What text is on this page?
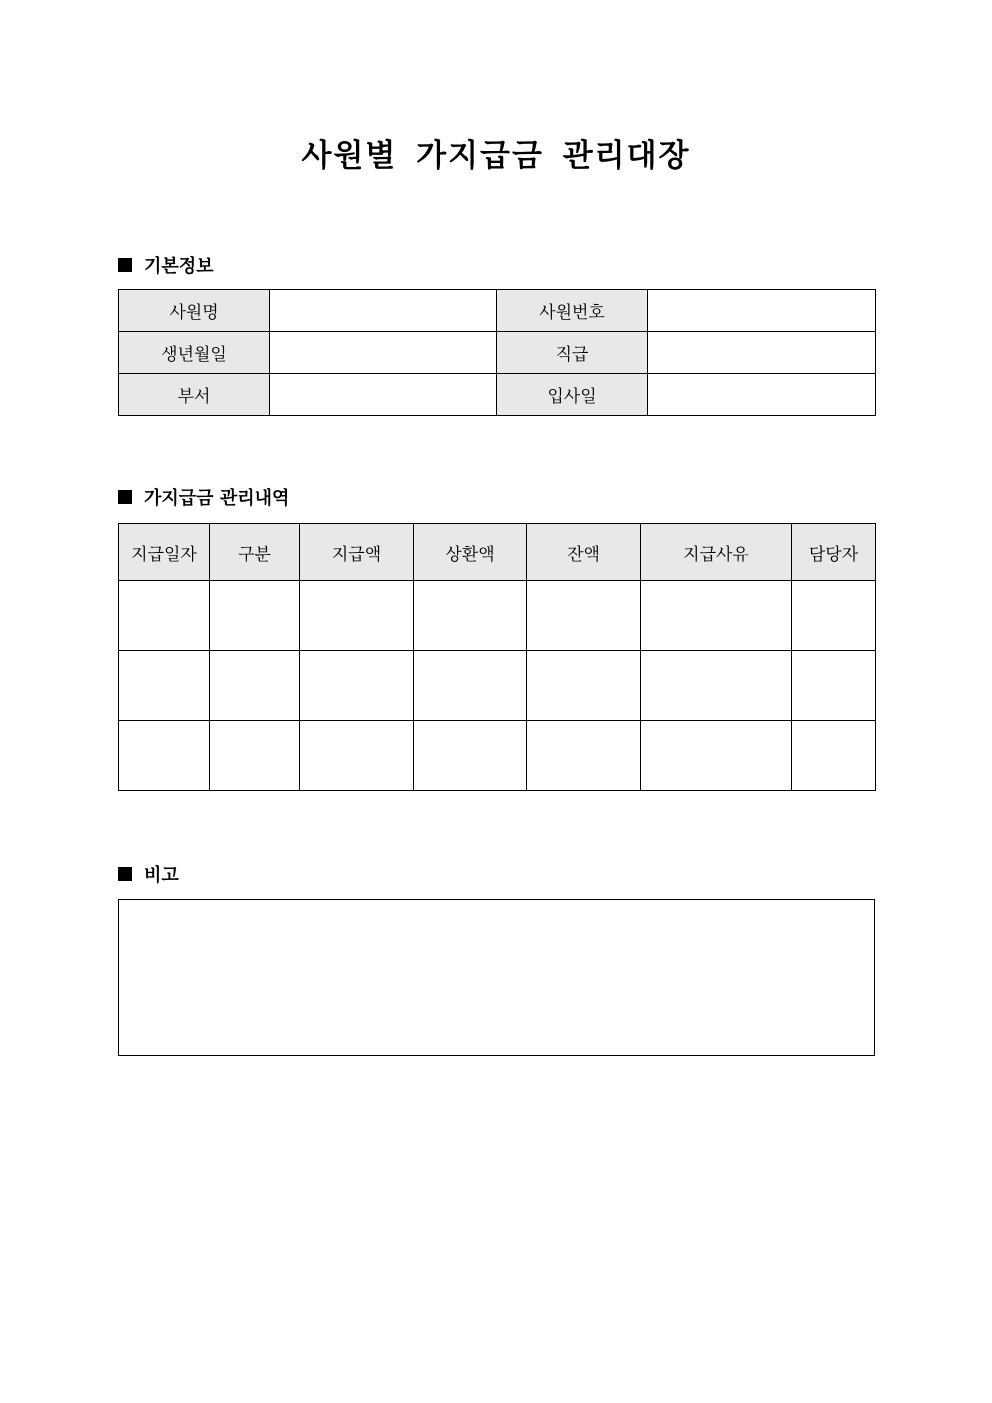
사원별 가지급금 관리대장
기본정보
사원명		사원번호	
생년월일		직급	
부서		입사일	
가지급금 관리내역
지급일자	구분	지급액	상환액	잔액	지급사유	담당자

비고
